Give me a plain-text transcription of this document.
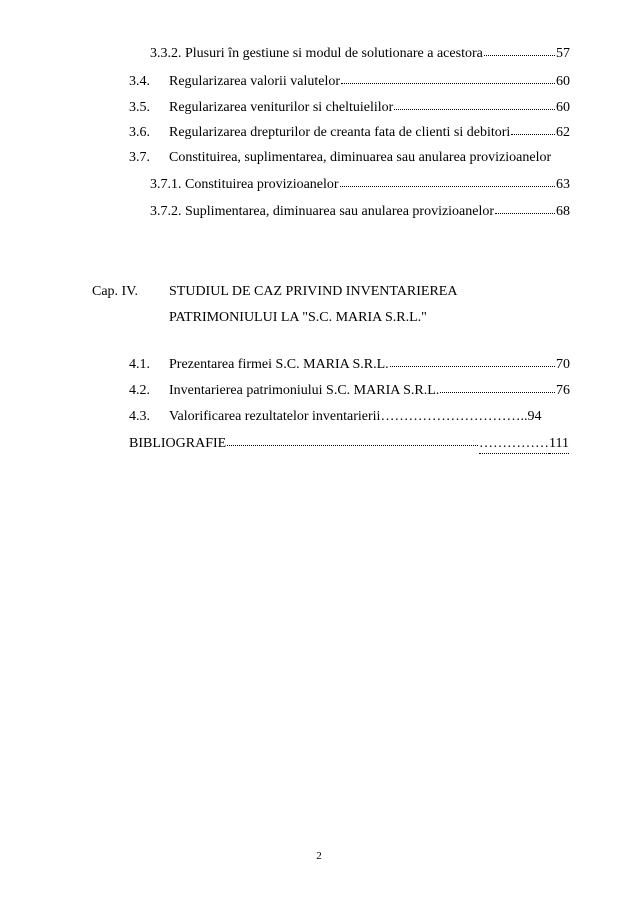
3.3.2. Plusuri în gestiune si modul de solutionare a acestora	57
3.4.	Regularizarea valorii valutelor	60
3.5.	Regularizarea veniturilor si cheltuielilor	60
3.6.	Regularizarea drepturilor de creanta fata de clienti si debitori	62
3.7.	Constituirea, suplimentarea, diminuarea sau anularea provizioanelor
3.7.1. Constituirea provizioanelor	63
3.7.2. Suplimentarea, diminuarea sau anularea provizioanelor	68
Cap. IV.	STUDIUL DE CAZ PRIVIND INVENTARIEREA
PATRIMONIULUI LA "S.C. MARIA S.R.L."
4.1.	Prezentarea firmei S.C. MARIA S.R.L.	70
4.2.	Inventarierea patrimoniului S.C. MARIA S.R.L.	76
4.3.	Valorificarea rezultatelor inventarierii ………………………….. 94
BIBLIOGRAFIE	…………… 111
2
